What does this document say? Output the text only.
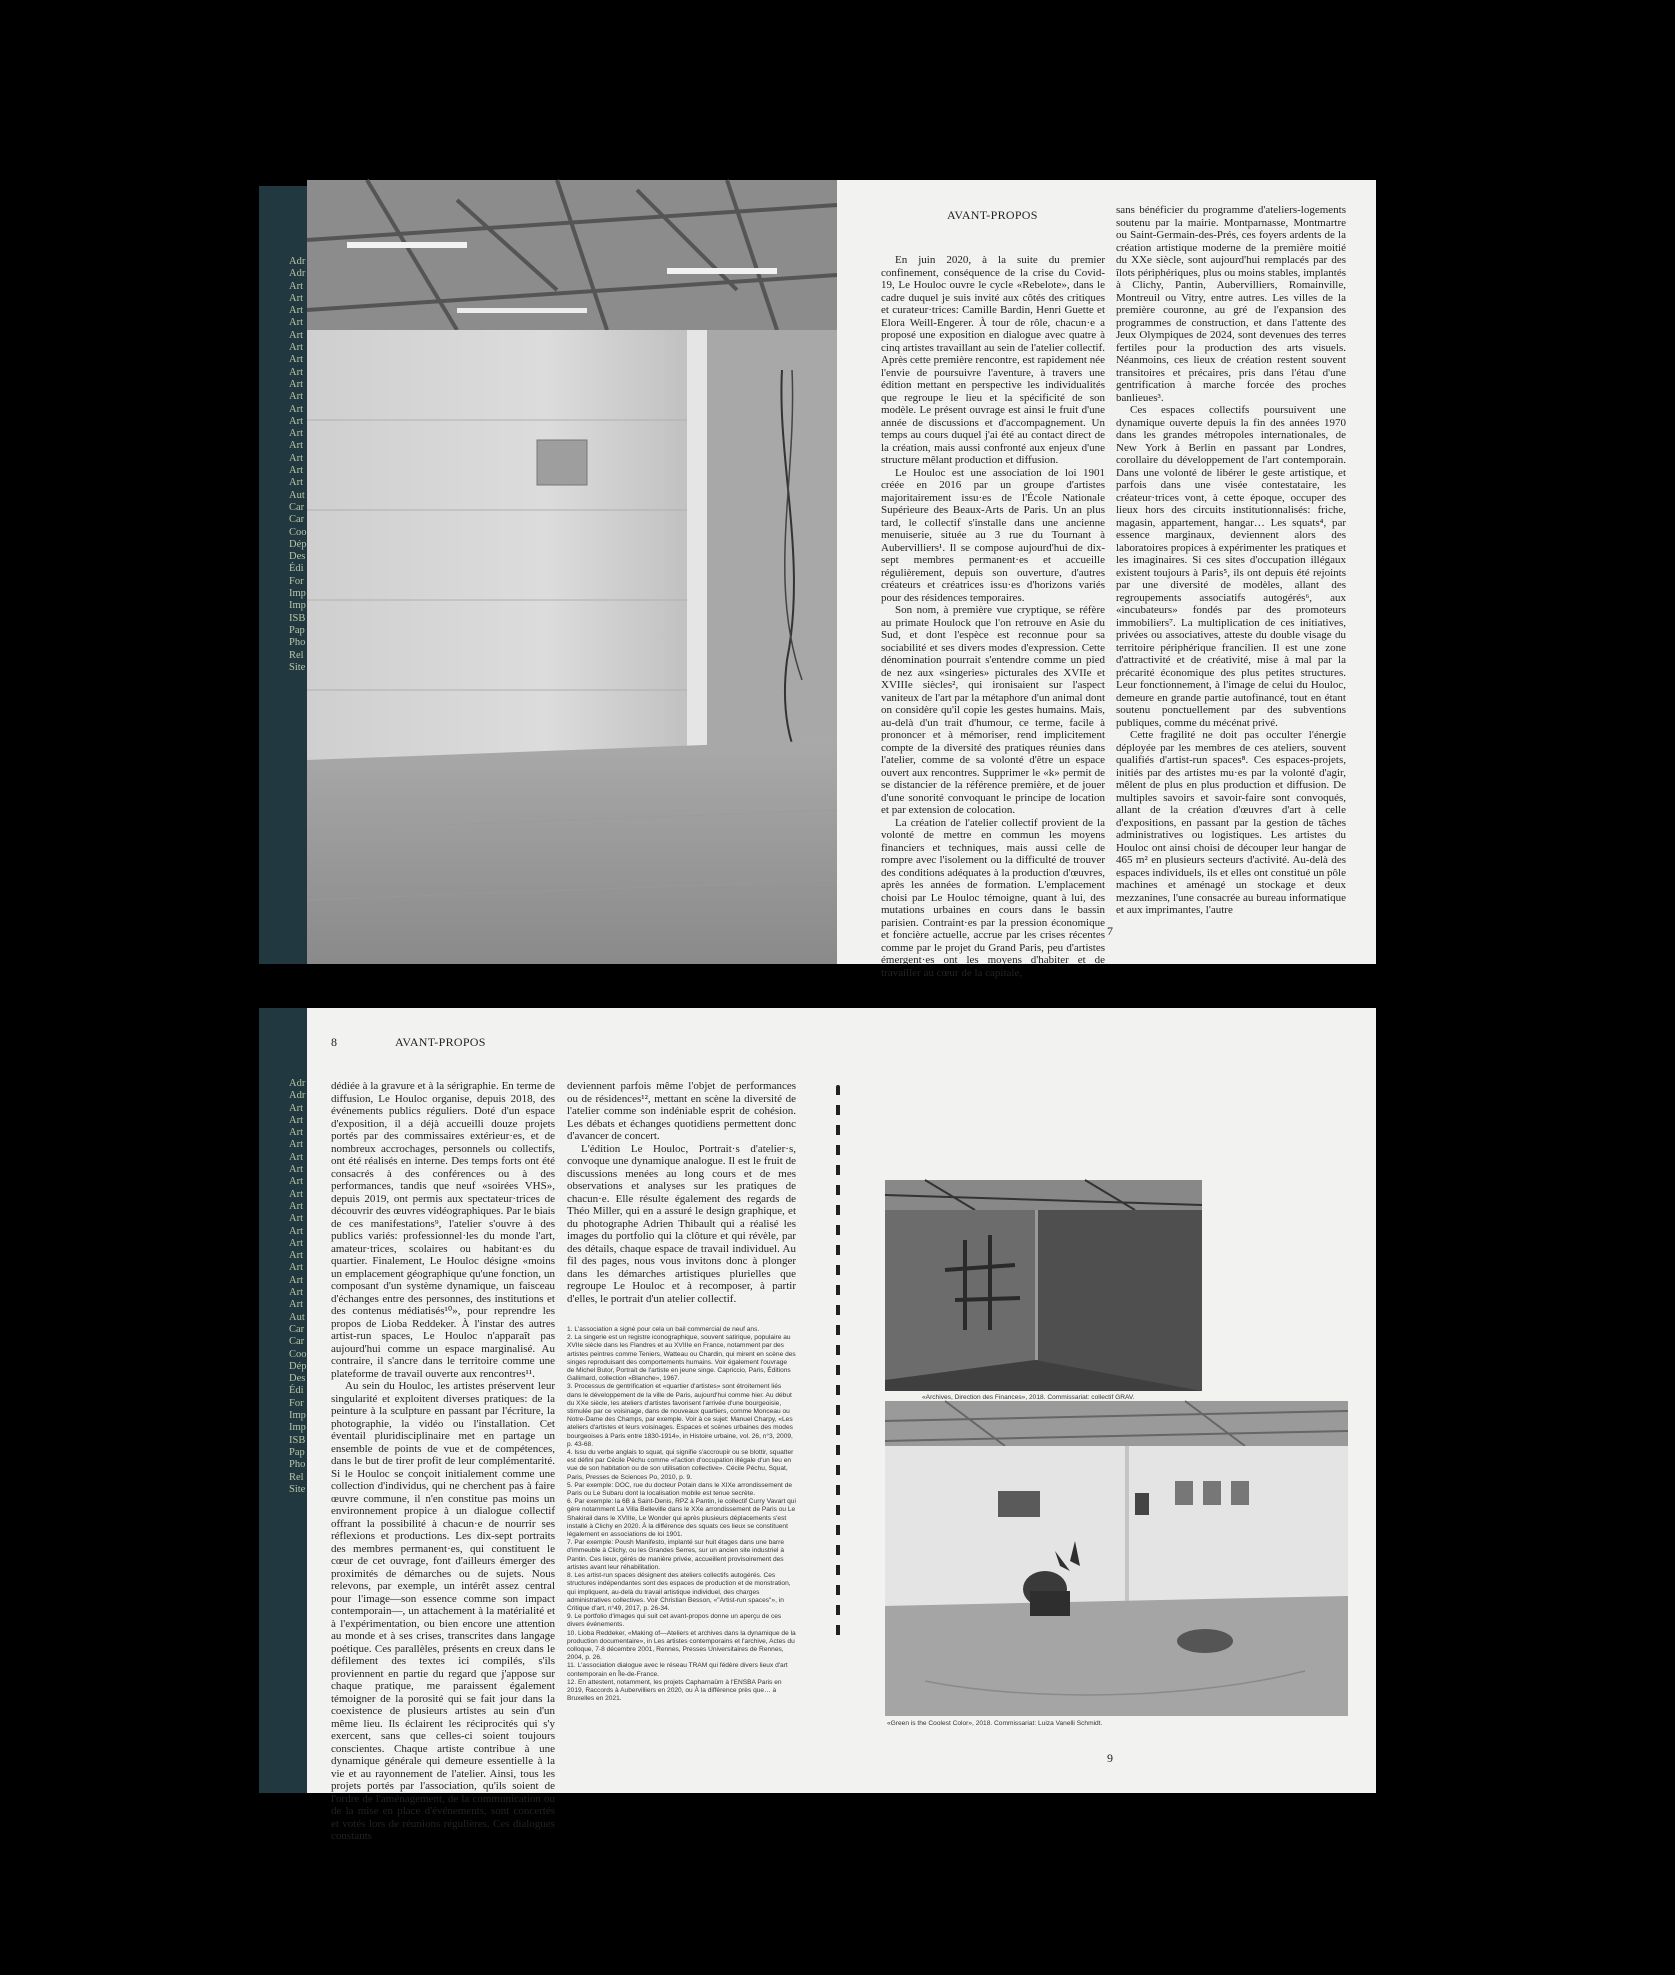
Adr
Adr
Art
Art
Art
Art
Art
Art
Art
Art
Art
Art
Art
Art
Art
Art
Art
Art
Art
Aut
Car
Car
Coo
Dép
Des
Édi
For
Imp
Imp
ISB
Pap
Pho
Rel
Site
AVANT-PROPOS

En juin 2020, à la suite du premier confinement, conséquence de la crise du Covid-19, Le Houloc ouvre le cycle «Rebelote», dans le cadre duquel je suis invité aux côtés des critiques et curateur·trices: Camille Bardin, Henri Guette et Elora Weill-Engerer. À tour de rôle, chacun·e a proposé une exposition en dialogue avec quatre à cinq artistes travaillant au sein de l'atelier collectif. Après cette première rencontre, est rapidement née l'envie de poursuivre l'aventure, à travers une édition mettant en perspective les individualités que regroupe le lieu et la spécificité de son modèle. Le présent ouvrage est ainsi le fruit d'une année de discussions et d'accompagnement. Un temps au cours duquel j'ai été au contact direct de la création, mais aussi confronté aux enjeux d'une structure mêlant production et diffusion.

Le Houloc est une association de loi 1901 créée en 2016 par un groupe d'artistes majoritairement issu·es de l'École Nationale Supérieure des Beaux-Arts de Paris. Un an plus tard, le collectif s'installe dans une ancienne menuiserie, située au 3 rue du Tournant à Aubervilliers¹. Il se compose aujourd'hui de dix-sept membres permanent·es et accueille régulièrement, depuis son ouverture, d'autres créateurs et créatrices issu·es d'horizons variés pour des résidences temporaires.

Son nom, à première vue cryptique, se réfère au primate Houlock que l'on retrouve en Asie du Sud, et dont l'espèce est reconnue pour sa sociabilité et ses divers modes d'expression. Cette dénomination pourrait s'entendre comme un pied de nez aux «singeries» picturales des XVIIe et XVIIIe siècles², qui ironisaient sur l'aspect vaniteux de l'art par la métaphore d'un animal dont on considère qu'il copie les gestes humains. Mais, au-delà d'un trait d'humour, ce terme, facile à prononcer et à mémoriser, rend implicitement compte de la diversité des pratiques réunies dans l'atelier, comme de sa volonté d'être un espace ouvert aux rencontres. Supprimer le «k» permit de se distancier de la référence première, et de jouer d'une sonorité convoquant le principe de location et par extension de colocation.

La création de l'atelier collectif provient de la volonté de mettre en commun les moyens financiers et techniques, mais aussi celle de rompre avec l'isolement ou la difficulté de trouver des conditions adéquates à la production d'œuvres, après les années de formation. L'emplacement choisi par Le Houloc témoigne, quant à lui, des mutations urbaines en cours dans le bassin parisien. Contraint·es par la pression économique et foncière actuelle, accrue par les crises récentes comme par le projet du Grand Paris, peu d'artistes émergent·es ont les moyens d'habiter et de travailler au cœur de la capitale,

sans bénéficier du programme d'ateliers-logements soutenu par la mairie. Montparnasse, Montmartre ou Saint-Germain-des-Prés, ces foyers ardents de la création artistique moderne de la première moitié du XXe siècle, sont aujourd'hui remplacés par des îlots périphériques, plus ou moins stables, implantés à Clichy, Pantin, Aubervilliers, Romainville, Montreuil ou Vitry, entre autres. Les villes de la première couronne, au gré de l'expansion des programmes de construction, et dans l'attente des Jeux Olympiques de 2024, sont devenues des terres fertiles pour la production des arts visuels. Néanmoins, ces lieux de création restent souvent transitoires et précaires, pris dans l'étau d'une gentrification à marche forcée des proches banlieues³.

Ces espaces collectifs poursuivent une dynamique ouverte depuis la fin des années 1970 dans les grandes métropoles internationales, de New York à Berlin en passant par Londres, corollaire du développement de l'art contemporain. Dans une volonté de libérer le geste artistique, et parfois dans une visée contestataire, les créateur·trices vont, à cette époque, occuper des lieux hors des circuits institutionnalisés: friche, magasin, appartement, hangar… Les squats⁴, par essence marginaux, deviennent alors des laboratoires propices à expérimenter les pratiques et les imaginaires. Si ces sites d'occupation illégaux existent toujours à Paris⁵, ils ont depuis été rejoints par une diversité de modèles, allant des regroupements associatifs autogérés⁶, aux «incubateurs» fondés par des promoteurs immobiliers⁷. La multiplication de ces initiatives, privées ou associatives, atteste du double visage du territoire périphérique francilien. Il est une zone d'attractivité et de créativité, mise à mal par la précarité économique des plus petites structures. Leur fonctionnement, à l'image de celui du Houloc, demeure en grande partie autofinancé, tout en étant soutenu ponctuellement par des subventions publiques, comme du mécénat privé.

Cette fragilité ne doit pas occulter l'énergie déployée par les membres de ces ateliers, souvent qualifiés d'artist-run spaces⁸. Ces espaces-projets, initiés par des artistes mu·es par la volonté d'agir, mêlent de plus en plus production et diffusion. De multiples savoirs et savoir-faire sont convoqués, allant de la création d'œuvres d'art à celle d'expositions, en passant par la gestion de tâches administratives ou logistiques. Les artistes du Houloc ont ainsi choisi de découper leur hangar de 465 m² en plusieurs secteurs d'activité. Au-delà des espaces individuels, ils et elles ont constitué un pôle machines et aménagé un stockage et deux mezzanines, l'une consacrée au bureau informatique et aux imprimantes, l'autre

7
Adr
Adr
Art
Art
Art
Art
Art
Art
Art
Art
Art
Art
Art
Art
Art
Art
Art
Art
Art
Aut
Car
Car
Coo
Dép
Des
Édi
For
Imp
Imp
ISB
Pap
Pho
Rel
Site
8	AVANT-PROPOS

dédiée à la gravure et à la sérigraphie. En terme de diffusion, Le Houloc organise, depuis 2018, des événements publics réguliers. Doté d'un espace d'exposition, il a déjà accueilli douze projets portés par des commissaires extérieur·es, et de nombreux accrochages, personnels ou collectifs, ont été réalisés en interne. Des temps forts ont été consacrés à des conférences ou à des performances, tandis que neuf «soirées VHS», depuis 2019, ont permis aux spectateur·trices de découvrir des œuvres vidéographiques. Par le biais de ces manifestations⁹, l'atelier s'ouvre à des publics variés: professionnel·les du monde l'art, amateur·trices, scolaires ou habitant·es du quartier. Finalement, Le Houloc désigne «moins un emplacement géographique qu'une fonction, un composant d'un système dynamique, un faisceau d'échanges entre des personnes, des institutions et des contenus médiatisés¹⁰», pour reprendre les propos de Lioba Reddeker. À l'instar des autres artist-run spaces, Le Houloc n'apparaît pas aujourd'hui comme un espace marginalisé. Au contraire, il s'ancre dans le territoire comme une plateforme de travail ouverte aux rencontres¹¹.

Au sein du Houloc, les artistes préservent leur singularité et exploitent diverses pratiques: de la peinture à la sculpture en passant par l'écriture, la photographie, la vidéo ou l'installation. Cet éventail pluridisciplinaire met en partage un ensemble de points de vue et de compétences, dans le but de tirer profit de leur complémentarité. Si le Houloc se conçoit initialement comme une collection d'individus, qui ne cherchent pas à faire œuvre commune, il n'en constitue pas moins un environnement propice à un dialogue collectif offrant la possibilité à chacun·e de nourrir ses réflexions et productions. Les dix-sept portraits des membres permanent·es, qui constituent le cœur de cet ouvrage, font d'ailleurs émerger des proximités de démarches ou de sujets. Nous relevons, par exemple, un intérêt assez central pour l'image—son essence comme son impact contemporain—, un attachement à la matérialité et à l'expérimentation, ou bien encore une attention au monde et à ses crises, transcrites dans langage poétique. Ces parallèles, présents en creux dans le défilement des textes ici compilés, s'ils proviennent en partie du regard que j'appose sur chaque pratique, me paraissent également témoigner de la porosité qui se fait jour dans la coexistence de plusieurs artistes au sein d'un même lieu. Ils éclairent les réciprocités qui s'y exercent, sans que celles-ci soient toujours conscientes. Chaque artiste contribue à une dynamique générale qui demeure essentielle à la vie et au rayonnement de l'atelier. Ainsi, tous les projets portés par l'association, qu'ils soient de l'ordre de l'aménagement, de la communication ou de la mise en place d'événements, sont concertés et votés lors de réunions régulières. Ces dialogues constants

deviennent parfois même l'objet de performances ou de résidences¹², mettant en scène la diversité de l'atelier comme son indéniable esprit de cohésion. Les débats et échanges quotidiens permettent donc d'avancer de concert.

L'édition Le Houloc, Portrait·s d'atelier·s, convoque une dynamique analogue. Il est le fruit de discussions menées au long cours et de mes observations et analyses sur les pratiques de chacun·e. Elle résulte également des regards de Théo Miller, qui en a assuré le design graphique, et du photographe Adrien Thibault qui a réalisé les images du portfolio qui la clôture et qui révèle, par des détails, chaque espace de travail individuel. Au fil des pages, nous vous invitons donc à plonger dans les démarches artistiques plurielles que regroupe Le Houloc et à recomposer, à partir d'elles, le portrait d'un atelier collectif.

1. L'association a signé pour cela un bail commercial de neuf ans.
2. La singerie est un registre iconographique, souvent satirique, populaire au XVIIe siècle dans les Flandres et au XVIIIe en France, notamment par des artistes peintres comme Teniers, Watteau ou Chardin, qui mirent en scène des singes reproduisant des comportements humains. Voir également l'ouvrage de Michel Butor, Portrait de l'artiste en jeune singe. Capriccio, Paris, Éditions Gallimard, collection «Blanche», 1967.
3. Processus de gentrification et «quartier d'artistes» sont étroitement liés dans le développement de la ville de Paris, aujourd'hui comme hier. Au début du XXe siècle, les ateliers d'artistes favorisent l'arrivée d'une bourgeoisie, stimulée par ce voisinage, dans de nouveaux quartiers, comme Monceau ou Notre-Dame des Champs, par exemple. Voir à ce sujet: Manuel Charpy, «Les ateliers d'artistes et leurs voisinages. Espaces et scènes urbaines des modes bourgeoises à Paris entre 1830-1914», in Histoire urbaine, vol. 26, n°3, 2009, p. 43-68.
4. Issu du verbe anglais to squat, qui signifie s'accroupir ou se blottir, squatter est défini par Cécile Péchu comme «l'action d'occupation illégale d'un lieu en vue de son habitation ou de son utilisation collective». Cécile Péchu, Squat, Paris, Presses de Sciences Po, 2010, p. 9.
5. Par exemple: DOC, rue du docteur Potain dans le XIXe arrondissement de Paris ou Le Subaru dont la localisation mobile est tenue secrète.
6. Par exemple: la 6B à Saint-Denis, RPZ à Pantin, le collectif Curry Vavart qui gère notamment La Villa Belleville dans le XXe arrondissement de Paris ou Le Shakirail dans le XVIIIe, Le Wonder qui après plusieurs déplacements s'est installé à Clichy en 2020. À la différence des squats ces lieux se constituent légalement en associations de loi 1901.
7. Par exemple: Poush Manifesto, implanté sur huit étages dans une barre d'immeuble à Clichy, ou les Grandes Serres, sur un ancien site industriel à Pantin. Ces lieux, gérés de manière privée, accueillent provisoirement des artistes avant leur réhabilitation.
8. Les artist-run spaces désignent des ateliers collectifs autogérés. Ces structures indépendantes sont des espaces de production et de monstration, qui impliquent, au-delà du travail artistique individuel, des charges administratives collectives. Voir Christian Besson, «"Artist-run spaces"», in Critique d'art, n°49, 2017, p. 26-34.
9. Le portfolio d'images qui suit cet avant-propos donne un aperçu de ces divers événements.
10. Lioba Reddeker, «Making of—Ateliers et archives dans la dynamique de la production documentaire», in Les artistes contemporains et l'archive, Actes du colloque, 7-8 décembre 2001, Rennes, Presses Universitaires de Rennes, 2004, p. 26.
11. L'association dialogue avec le réseau TRAM qui fédère divers lieux d'art contemporain en Île-de-France.
12. En attestent, notamment, les projets Capharnaüm à l'ENSBA Paris en 2019, Raccords à Aubervilliers en 2020, ou À la différence près que… à Bruxelles en 2021.
«Archives, Direction des Finances», 2018. Commissariat: collectif GRAV.
«Green is the Coolest Color», 2018. Commissariat: Luiza Vanelli Schmidt.
9
